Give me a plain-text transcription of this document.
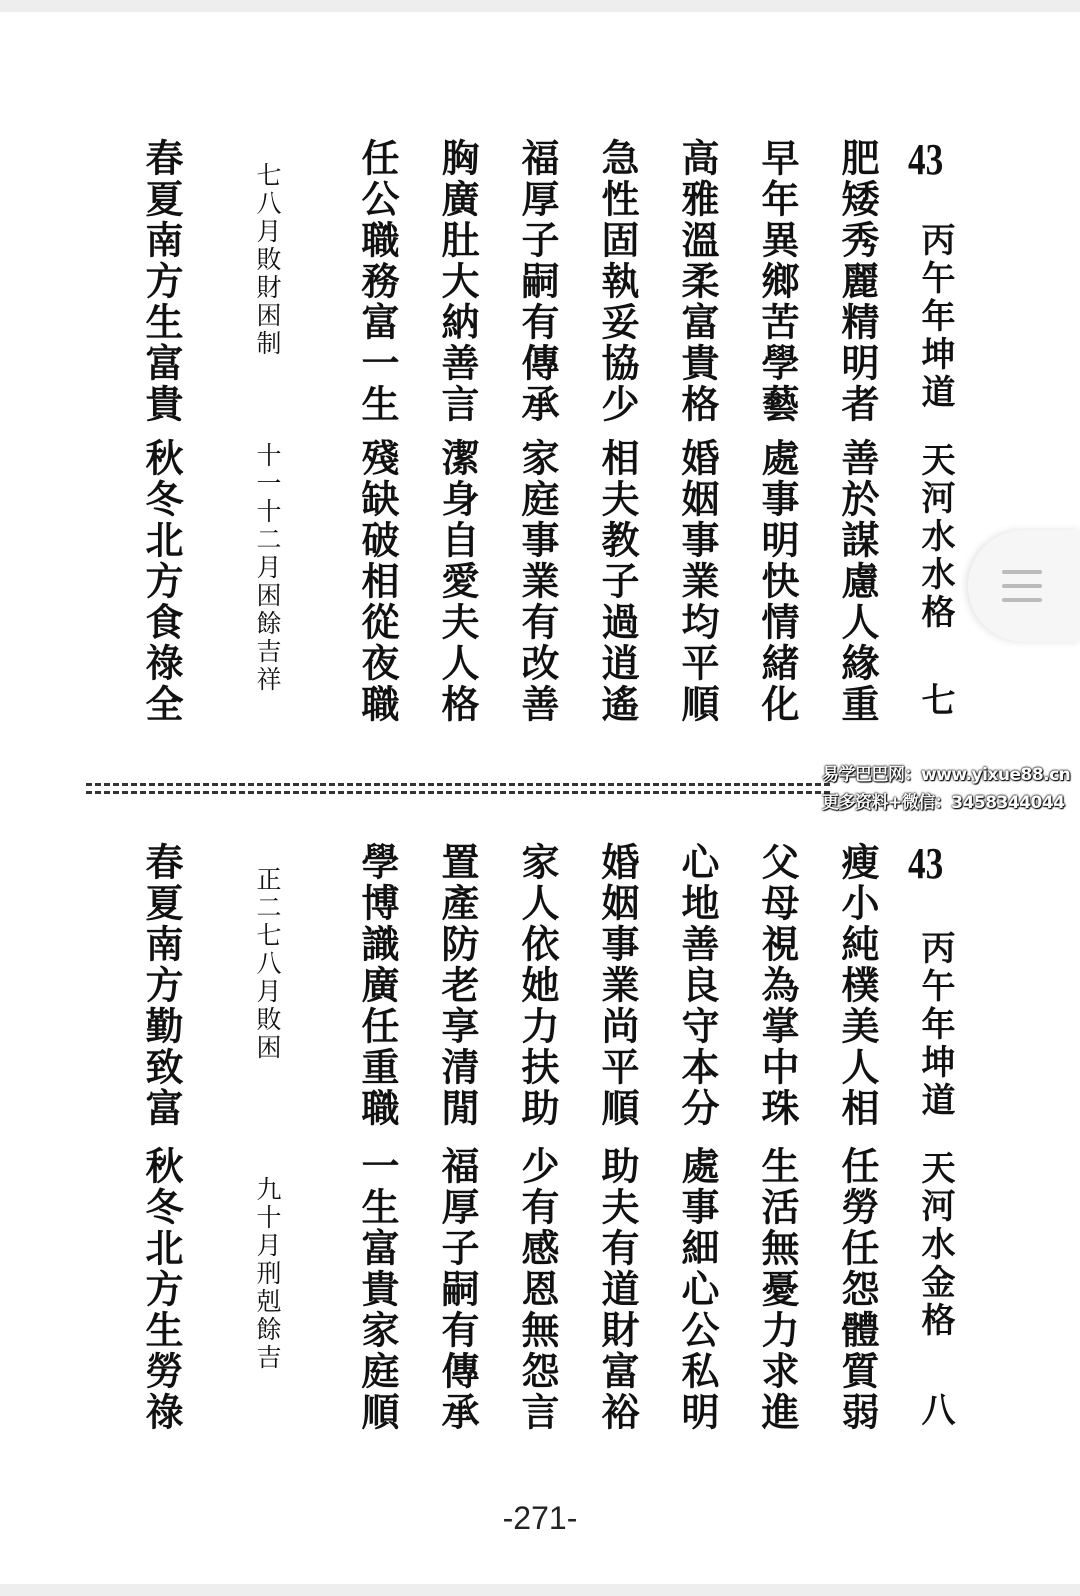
43
丙午年坤道
天河水水格
七
肥矮秀麗精明者
善於謀慮人緣重
早年異鄉苦學藝
處事明快情緒化
高雅溫柔富貴格
婚姻事業均平順
急性固執妥協少
相夫教子過逍遙
福厚子嗣有傳承
家庭事業有改善
胸廣肚大納善言
潔身自愛夫人格
任公職務富一生
殘缺破相從夜職
七八月敗財困制
十一十二月困餘吉祥
春夏南方生富貴
秋冬北方食祿全
易学巴巴网：www.yixue88.cn
更多资料+微信：3458344044
43
丙午年坤道
天河水金格
八
瘦小純樸美人相
任勞任怨體質弱
父母視為掌中珠
生活無憂力求進
心地善良守本分
處事細心公私明
婚姻事業尚平順
助夫有道財富裕
家人依她力扶助
少有感恩無怨言
置產防老享清閒
福厚子嗣有傳承
學博識廣任重職
一生富貴家庭順
正二七八月敗困
九十月刑剋餘吉
春夏南方勤致富
秋冬北方生勞祿
-271-
